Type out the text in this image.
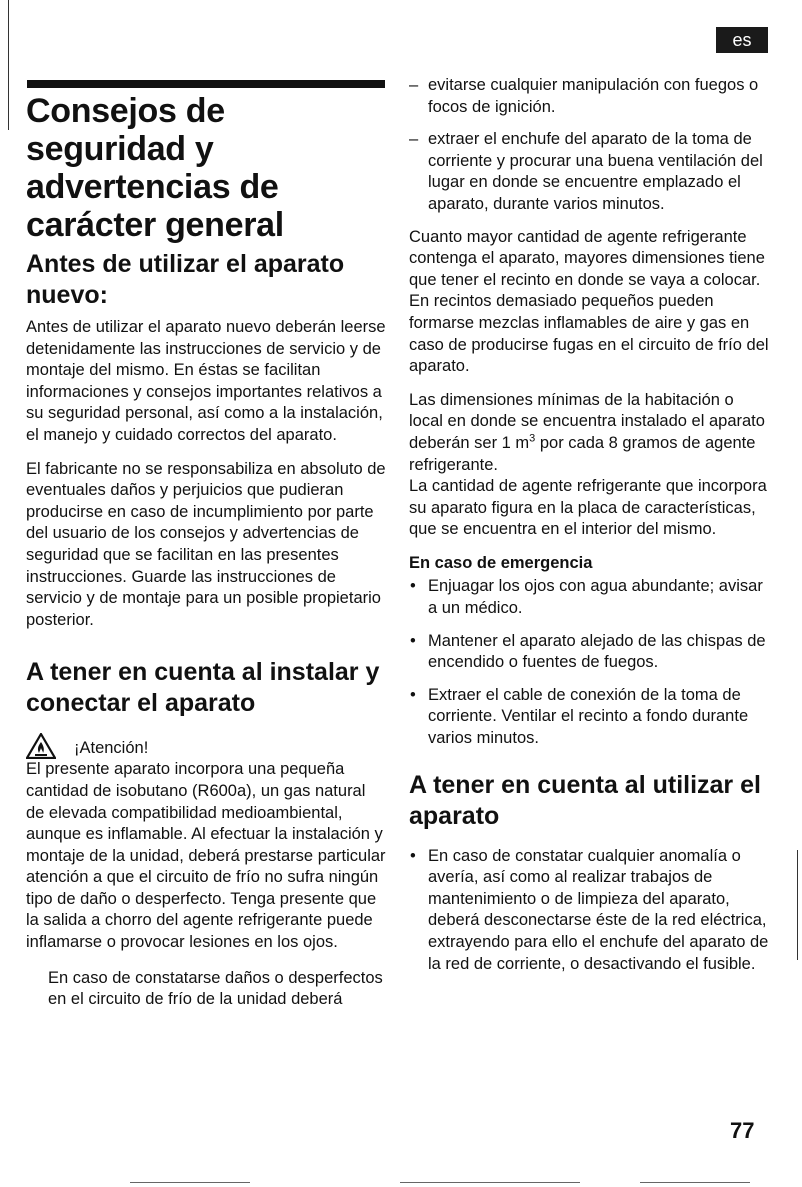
es
Consejos de seguridad y advertencias de carácter general
Antes de utilizar el aparato nuevo:

Antes de utilizar el aparato nuevo deberán leerse detenidamente las instrucciones de servicio y de montaje del mismo. En éstas se facilitan informaciones y consejos importantes relativos a su seguridad personal, así como a la instalación, el manejo y cuidado correctos del aparato.

El fabricante no se responsabiliza en absoluto de eventuales daños y perjuicios que pudieran producirse en caso de incumplimiento por parte del usuario de los consejos y advertencias de seguridad que se facilitan en las presentes instrucciones. Guarde las instrucciones de servicio y de montaje para un posible propietario posterior.

A tener en cuenta al instalar y conectar el aparato
¡Atención!

El presente aparato incorpora una pequeña cantidad de isobutano (R600a), un gas natural de elevada compatibilidad medioambiental, aunque es inflamable. Al efectuar la instalación y montaje de la unidad, deberá prestarse particular atención a que el circuito de frío no sufra ningún tipo de daño o desperfecto. Tenga presente que la salida a chorro del agente refrigerante puede inflamarse o provocar lesiones en los ojos.

En caso de constatarse daños o desperfectos en el circuito de frío de la unidad deberá

– evitarse cualquier manipulación con fuegos o focos de ignición.
– extraer el enchufe del aparato de la toma de corriente y procurar una buena ventilación del lugar en donde se encuentre emplazado el aparato, durante varios minutos.

Cuanto mayor cantidad de agente refrigerante contenga el aparato, mayores dimensiones tiene que tener el recinto en donde se vaya a colocar. En recintos demasiado pequeños pueden formarse mezclas inflamables de aire y gas en caso de producirse fugas en el circuito de frío del aparato.

Las dimensiones mínimas de la habitación o local en donde se encuentra instalado el aparato deberán ser 1 $m^3$ por cada 8 gramos de agente refrigerante.

La cantidad de agente refrigerante que incorpora su aparato figura en la placa de características, que se encuentra en el interior del mismo.

En caso de emergencia
• Enjuagar los ojos con agua abundante; avisar a un médico.
• Mantener el aparato alejado de las chispas de encendido o fuentes de fuegos.
• Extraer el cable de conexión de la toma de corriente. Ventilar el recinto a fondo durante varios minutos.
A tener en cuenta al utilizar el aparato
• En caso de constatar cualquier anomalía o avería, así como al realizar trabajos de mantenimiento o de limpieza del aparato, deberá desconectarse éste de la red eléctrica, extrayendo para ello el enchufe del aparato de la red de corriente, o desactivando el fusible.
77
